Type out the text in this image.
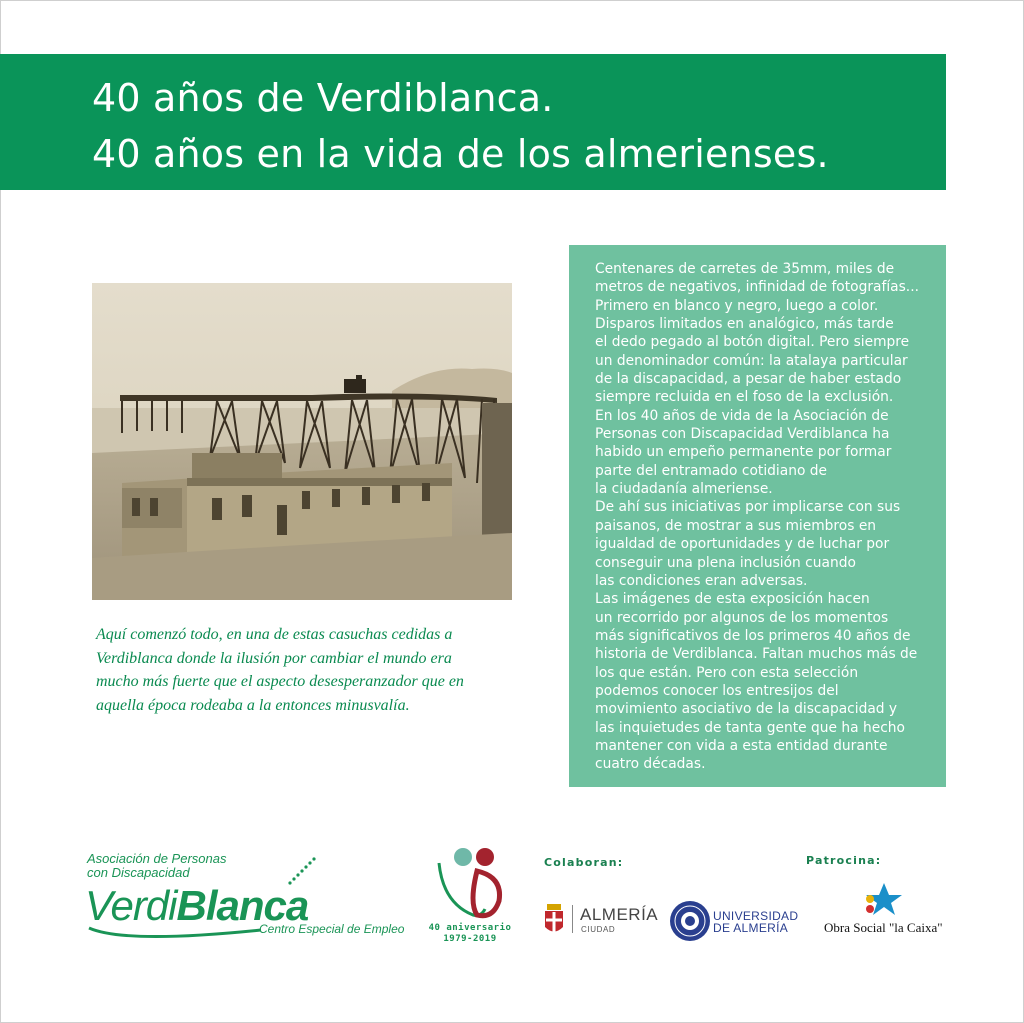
40 años de Verdiblanca.
40 años en la vida de los almerienses.
Aquí comenzó todo, en una de estas casuchas cedidas a
Verdiblanca donde la ilusión por cambiar el mundo era
mucho más fuerte que el aspecto desesperanzador que en
aquella época rodeaba a la entonces minusvalía.
Centenares de carretes de 35mm, miles de
metros de negativos, infinidad de fotografías...
Primero en blanco y negro, luego a color.
Disparos limitados en analógico, más tarde
el dedo pegado al botón digital. Pero siempre
un denominador común: la atalaya particular
de la discapacidad, a pesar de haber estado
siempre recluida en el foso de la exclusión.
En los 40 años de vida de la Asociación de
Personas con Discapacidad Verdiblanca ha
habido un empeño permanente por formar
parte del entramado cotidiano de
la ciudadanía almeriense.
De ahí sus iniciativas por implicarse con sus
paisanos, de mostrar a sus miembros en
igualdad de oportunidades y de luchar por
conseguir una plena inclusión cuando
las condiciones eran adversas.
Las imágenes de esta exposición hacen
un recorrido por algunos de los momentos
más significativos de los primeros 40 años de
historia de Verdiblanca. Faltan muchos más de
los que están. Pero con esta selección
podemos conocer los entresijos del
movimiento asociativo de la discapacidad y
las inquietudes de tanta gente que ha hecho
mantener con vida a esta entidad durante
cuatro décadas.
Asociación de Personas
con Discapacidad
VerdiBlanca
Centro Especial de Empleo	40 aniversario
1979-2019
Colaboran:	Patrocina:
ALMERÍA
CIUDAD
UNIVERSIDAD
DE ALMERÍA	Obra Social "la Caixa"
